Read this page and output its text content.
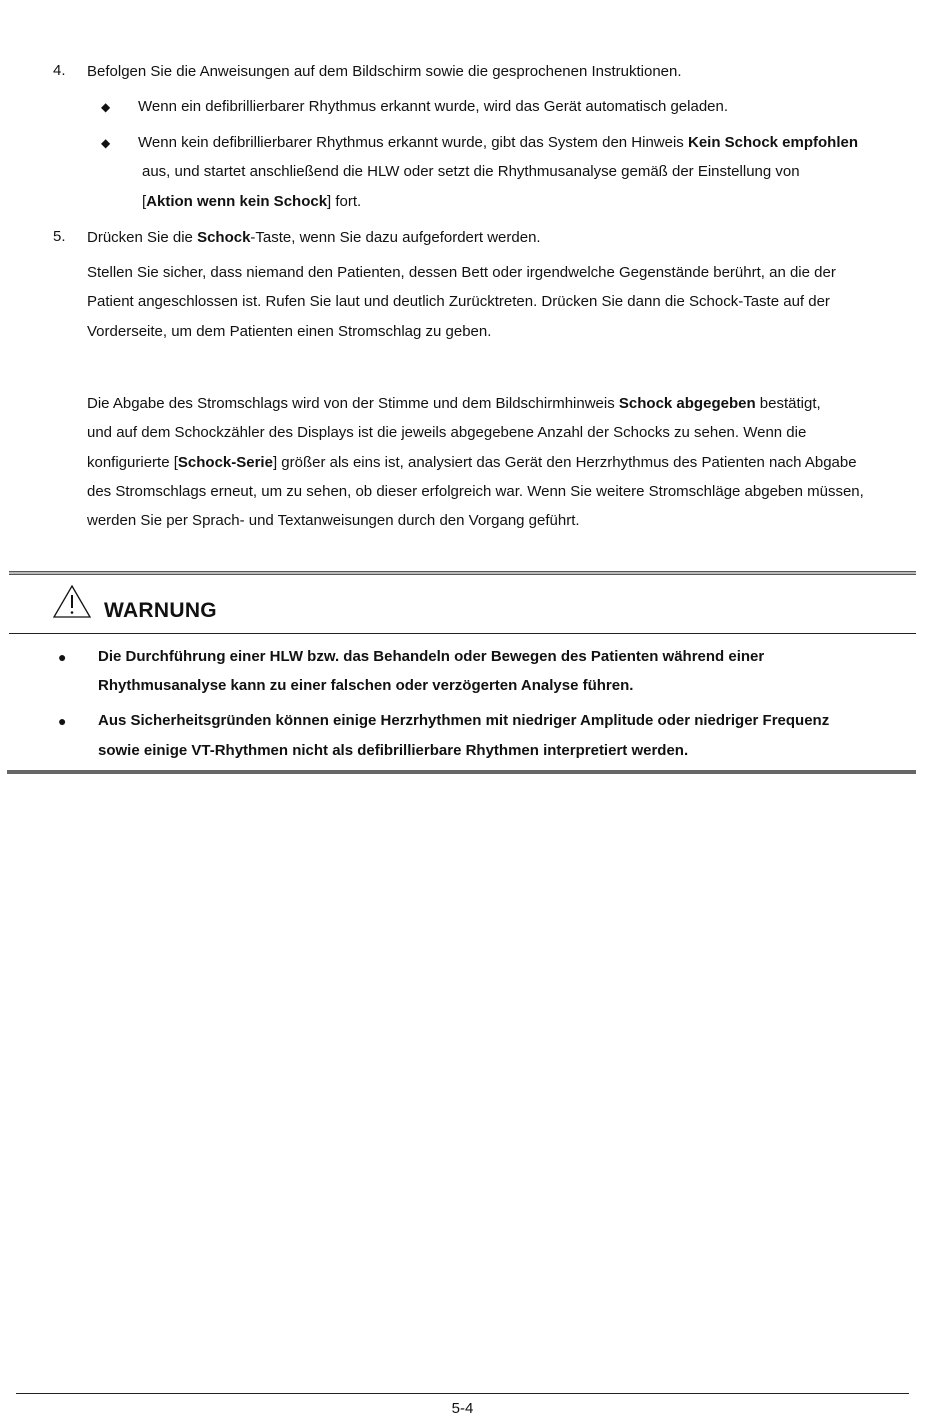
4.	Befolgen Sie die Anweisungen auf dem Bildschirm sowie die gesprochenen Instruktionen.
◆ Wenn ein defibrillierbarer Rhythmus erkannt wurde, wird das Gerät automatisch geladen.
◆ Wenn kein defibrillierbarer Rhythmus erkannt wurde, gibt das System den Hinweis Kein Schock empfohlen
aus, und startet anschließend die HLW oder setzt die Rhythmusanalyse gemäß der Einstellung von
[Aktion wenn kein Schock] fort.
5.	Drücken Sie die Schock-Taste, wenn Sie dazu aufgefordert werden.
Stellen Sie sicher, dass niemand den Patienten, dessen Bett oder irgendwelche Gegenstände berührt, an die der
Patient angeschlossen ist. Rufen Sie laut und deutlich Zurücktreten. Drücken Sie dann die Schock-Taste auf der
Vorderseite, um dem Patienten einen Stromschlag zu geben.
Die Abgabe des Stromschlags wird von der Stimme und dem Bildschirmhinweis Schock abgegeben bestätigt,
und auf dem Schockzähler des Displays ist die jeweils abgegebene Anzahl der Schocks zu sehen. Wenn die
konfigurierte [Schock-Serie] größer als eins ist, analysiert das Gerät den Herzrhythmus des Patienten nach Abgabe
des Stromschlags erneut, um zu sehen, ob dieser erfolgreich war. Wenn Sie weitere Stromschläge abgeben müssen,
werden Sie per Sprach- und Textanweisungen durch den Vorgang geführt.
WARNUNG
● Die Durchführung einer HLW bzw. das Behandeln oder Bewegen des Patienten während einer
Rhythmusanalyse kann zu einer falschen oder verzögerten Analyse führen.
● Aus Sicherheitsgründen können einige Herzrhythmen mit niedriger Amplitude oder niedriger Frequenz
sowie einige VT-Rhythmen nicht als defibrillierbare Rhythmen interpretiert werden.
5-4
